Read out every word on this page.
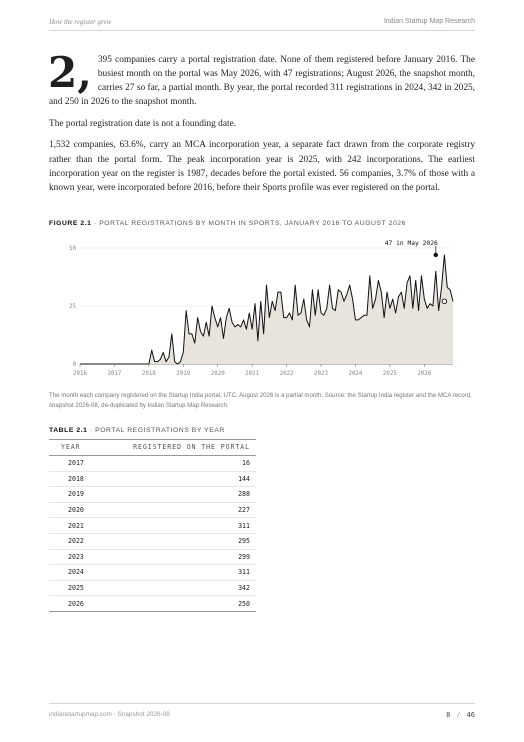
How the register grew	Indian Startup Map Research

2, 395 companies carry a portal registration date. None of them registered before January 2016. The busiest month on the portal was May 2026, with 47 registrations; August 2026, the snapshot month, carries 27 so far, a partial month. By year, the portal recorded 311 registrations in 2024, 342 in 2025, and 250 in 2026 to the snapshot month.

The portal registration date is not a founding date.

1,532 companies, 63.6%, carry an MCA incorporation year, a separate fact drawn from the corporate registry rather than the portal form. The peak incorporation year is 2025, with 242 incorporations. The earliest incorporation year on the register is 1987, decades before the portal existed. 56 companies, 3.7% of those with a known year, were incorporated before 2016, before their Sports profile was ever registered on the portal.

FIGURE 2.1 · PORTAL REGISTRATIONS BY MONTH IN SPORTS, JANUARY 2016 TO AUGUST 2026
0
25
50
2016	2017	2018	2019	2020	2021	2022	2023	2024	2025	2026
47 in May 2026
The month each company registered on the Startup India portal, UTC. August 2026 is a partial month. Source: the Startup India register and the MCA record, snapshot 2026-08, de-duplicated by Indian Startup Map Research.
TABLE 2.1 · PORTAL REGISTRATIONS BY YEAR
YEAR	REGISTERED ON THE PORTAL
2017	16
2018	144
2019	288
2020	227
2021	311
2022	295
2023	299
2024	311
2025	342
2026	250
indianstartupmap.com · Snapshot 2026-08	8 / 46
